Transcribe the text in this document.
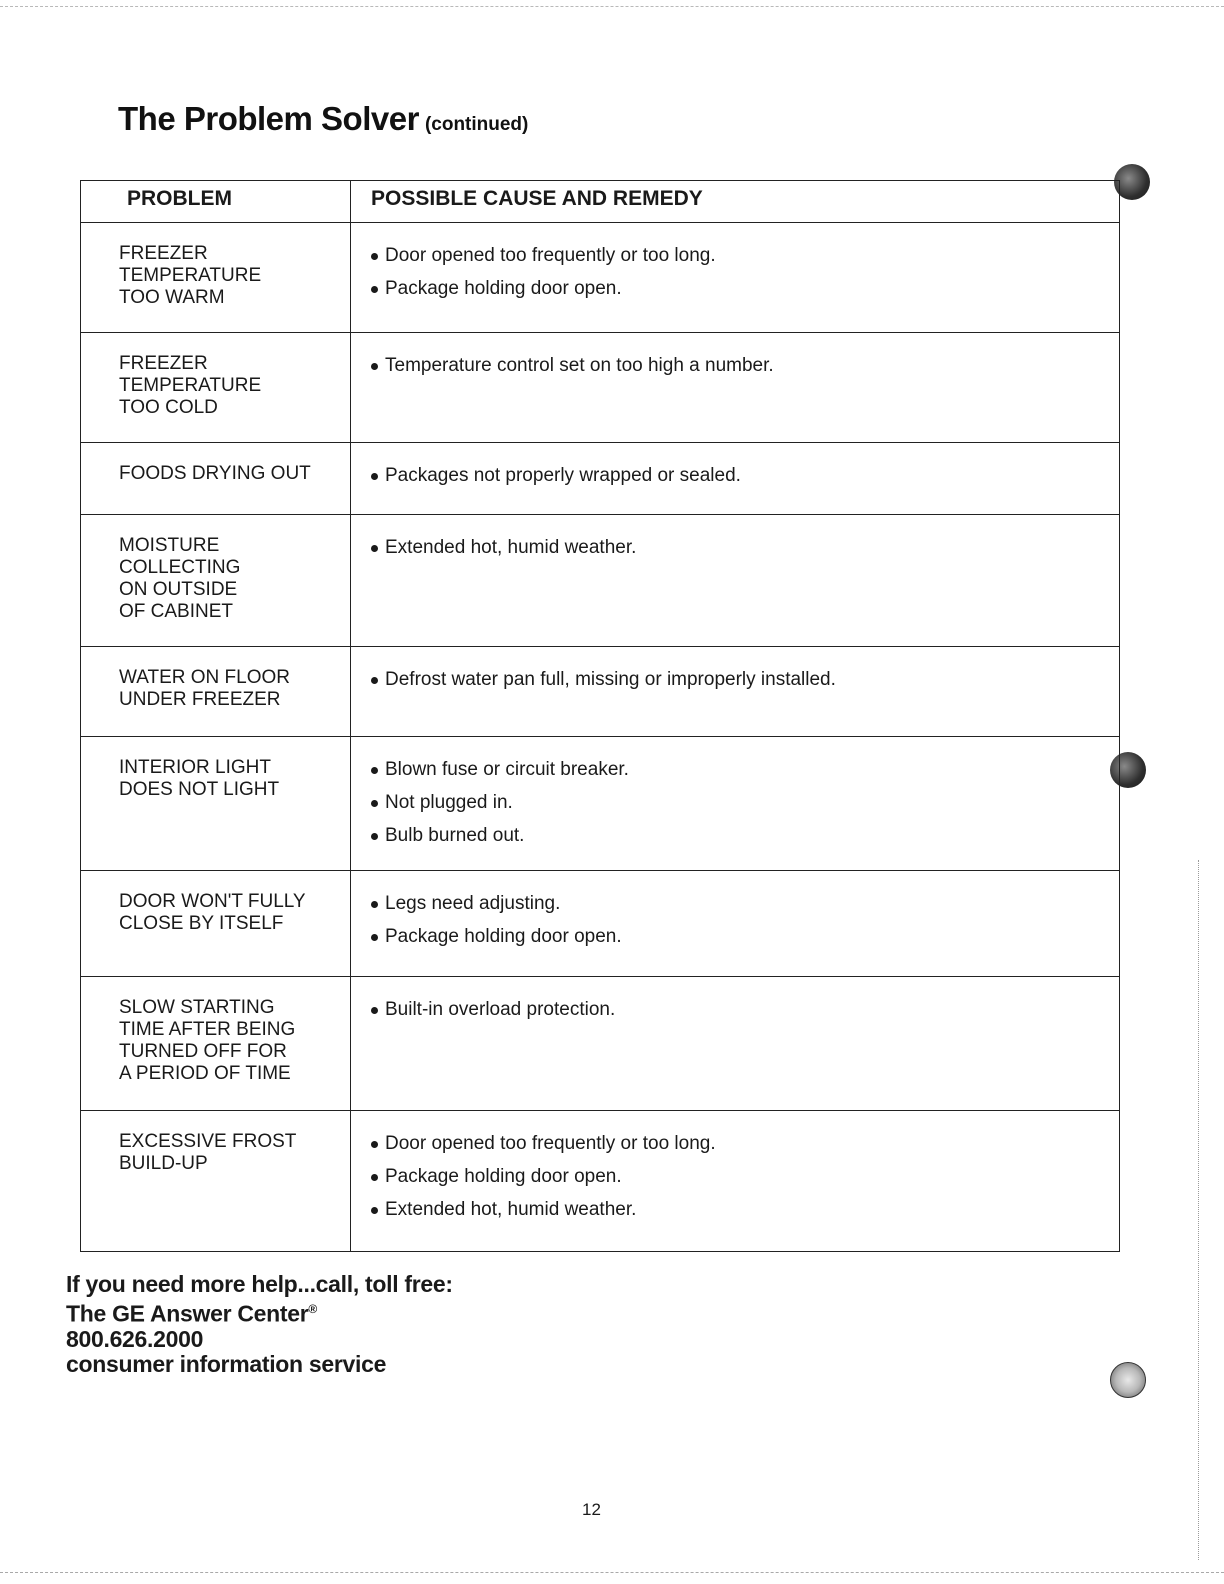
The Problem Solver (continued)
PROBLEM	POSSIBLE CAUSE AND REMEDY
FREEZER
TEMPERATURE
TOO WARM
Door opened too frequently or too long.
Package holding door open.
FREEZER
TEMPERATURE
TOO COLD
Temperature control set on too high a number.
FOODS DRYING OUT	Packages not properly wrapped or sealed.
MOISTURE
COLLECTING
ON OUTSIDE
OF CABINET
Extended hot, humid weather.
WATER ON FLOOR
UNDER FREEZER
Defrost water pan full, missing or improperly installed.
INTERIOR LIGHT
DOES NOT LIGHT
Blown fuse or circuit breaker.
Not plugged in.
Bulb burned out.
DOOR WON'T FULLY
CLOSE BY ITSELF
Legs need adjusting.
Package holding door open.
SLOW STARTING
TIME AFTER BEING
TURNED OFF FOR
A PERIOD OF TIME
Built-in overload protection.
EXCESSIVE FROST
BUILD-UP
Door opened too frequently or too long.
Package holding door open.
Extended hot, humid weather.
If you need more help...call, toll free:
The GE Answer Center®
800.626.2000
consumer information service
12
